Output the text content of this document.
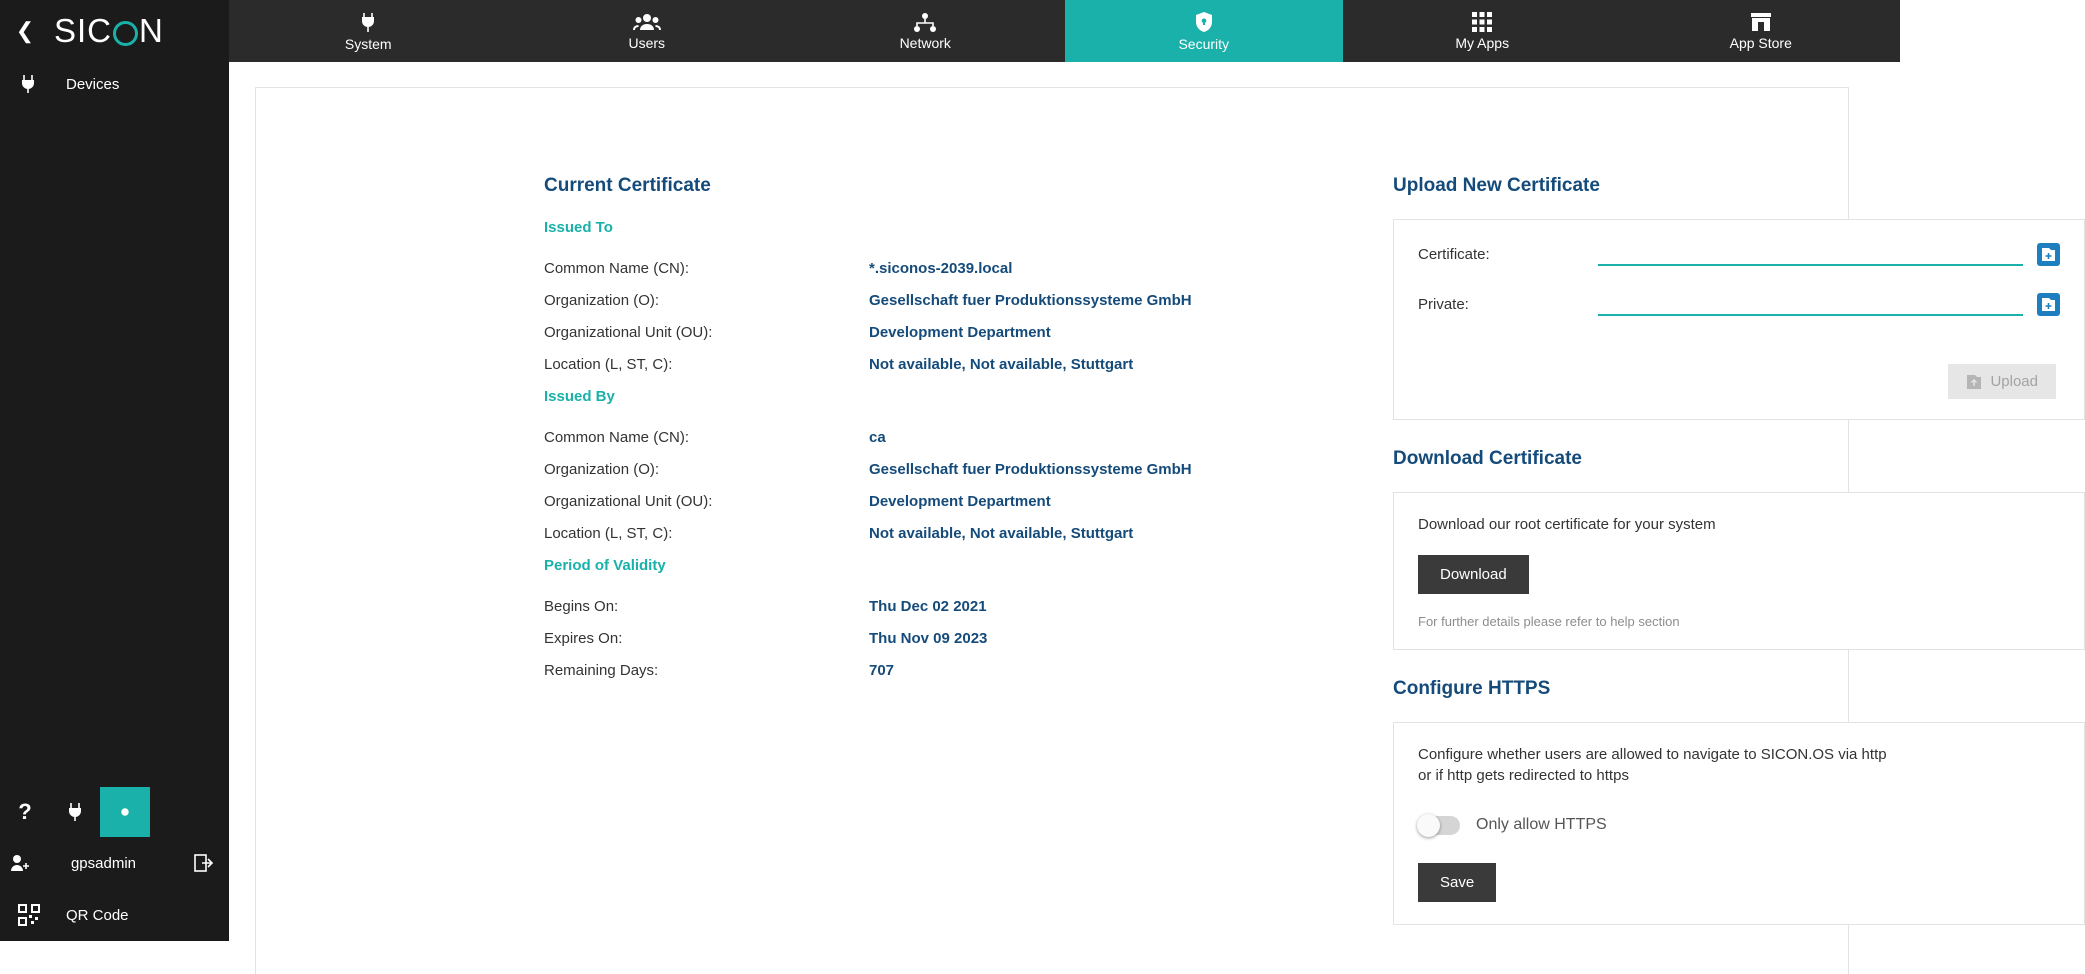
❮ SIC N
Devices
?
gpsadmin
QR Code
System	Users	Network	Security	My Apps	App Store
Current Certificate
Issued To
Common Name (CN):	*.siconos-2039.local
Organization (O):	Gesellschaft fuer Produktionssysteme GmbH
Organizational Unit (OU):	Development Department
Location (L, ST, C):	Not available, Not available, Stuttgart
Issued By
Common Name (CN):	ca
Organization (O):	Gesellschaft fuer Produktionssysteme GmbH
Organizational Unit (OU):	Development Department
Location (L, ST, C):	Not available, Not available, Stuttgart
Period of Validity
Begins On:	Thu Dec 02 2021
Expires On:	Thu Nov 09 2023
Remaining Days:	707
Upload New Certificate
Certificate:
Private:
Upload
Download Certificate

Download our root certificate for your system

Download

For further details please refer to help section

Configure HTTPS

Configure whether users are allowed to navigate to SICON.OS via http

or if http gets redirected to https

Only allow HTTPS
Save
